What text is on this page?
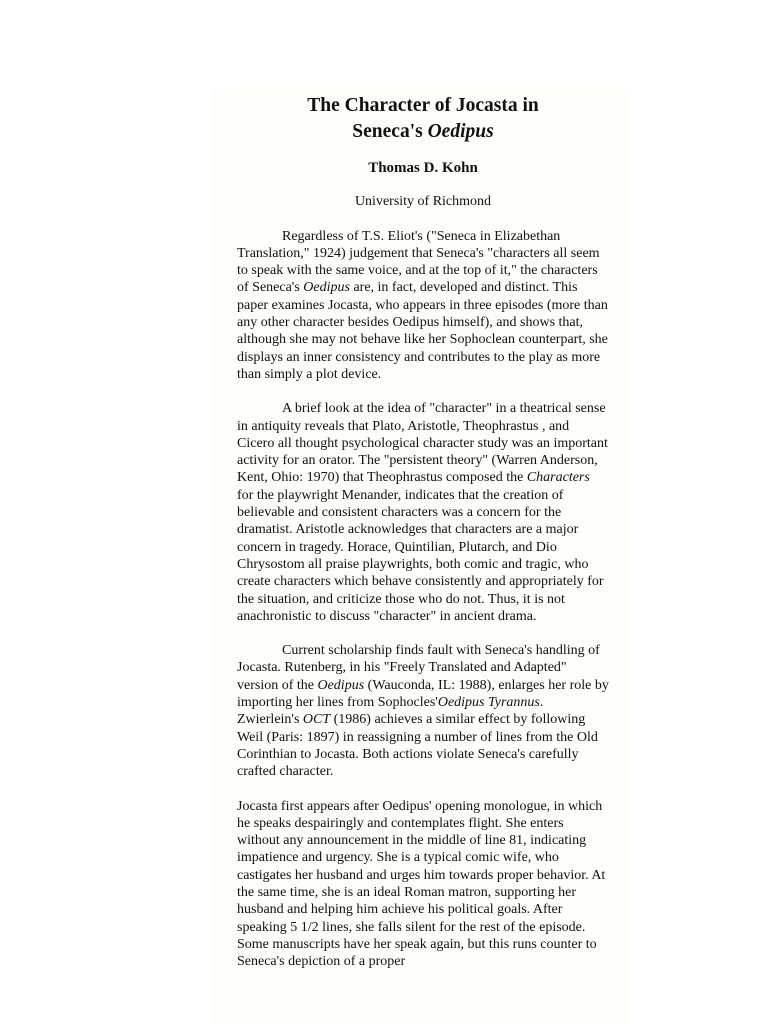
The Character of Jocasta in
Seneca's Oedipus

Thomas D. Kohn

University of Richmond

Regardless of T.S. Eliot's ("Seneca in Elizabethan Translation," 1924) judgement that Seneca's "characters all seem to speak with the same voice, and at the top of it," the characters of Seneca's Oedipus are, in fact, developed and distinct. This paper examines Jocasta, who appears in three episodes (more than any other character besides Oedipus himself), and shows that, although she may not behave like her Sophoclean counterpart, she displays an inner consistency and contributes to the play as more than simply a plot device.

A brief look at the idea of "character" in a theatrical sense in antiquity reveals that Plato, Aristotle, Theophrastus , and Cicero all thought psychological character study was an important activity for an orator. The "persistent theory" (Warren Anderson, Kent, Ohio: 1970) that Theophrastus composed the Characters for the playwright Menander, indicates that the creation of believable and consistent characters was a concern for the dramatist. Aristotle acknowledges that characters are a major concern in tragedy. Horace, Quintilian, Plutarch, and Dio Chrysostom all praise playwrights, both comic and tragic, who create characters which behave consistently and appropriately for the situation, and criticize those who do not. Thus, it is not anachronistic to discuss "character" in ancient drama.

Current scholarship finds fault with Seneca's handling of Jocasta. Rutenberg, in his "Freely Translated and Adapted" version of the Oedipus (Wauconda, IL: 1988), enlarges her role by importing her lines from Sophocles'Oedipus Tyrannus. Zwierlein's OCT (1986) achieves a similar effect by following Weil (Paris: 1897) in reassigning a number of lines from the Old Corinthian to Jocasta. Both actions violate Seneca's carefully crafted character.

Jocasta first appears after Oedipus' opening monologue, in which he speaks despairingly and contemplates flight. She enters without any announcement in the middle of line 81, indicating impatience and urgency. She is a typical comic wife, who castigates her husband and urges him towards proper behavior. At the same time, she is an ideal Roman matron, supporting her husband and helping him achieve his political goals. After speaking 5 1/2 lines, she falls silent for the rest of the episode. Some manuscripts have her speak again, but this runs counter to Seneca's depiction of a proper
